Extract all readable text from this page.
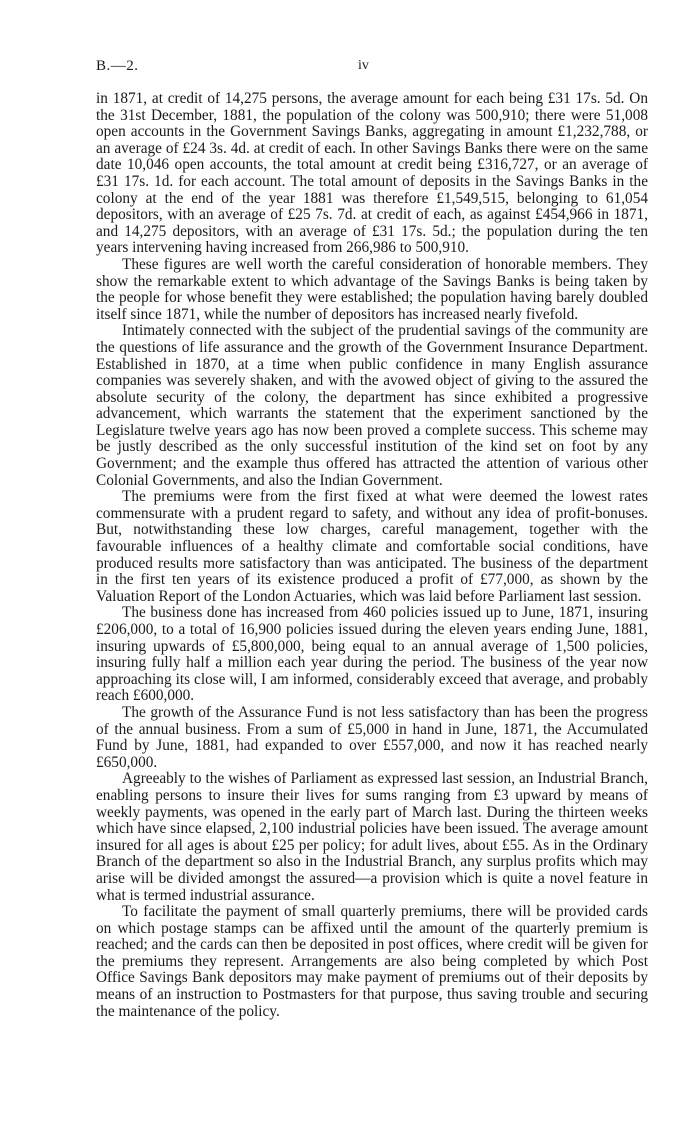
B.—2.	iv

in 1871, at credit of 14,275 persons, the average amount for each being £31 17s. 5d. On the 31st December, 1881, the population of the colony was 500,910; there were 51,008 open accounts in the Government Savings Banks, aggregating in amount £1,232,788, or an average of £24 3s. 4d. at credit of each. In other Savings Banks there were on the same date 10,046 open accounts, the total amount at credit being £316,727, or an average of £31 17s. 1d. for each account. The total amount of deposits in the Savings Banks in the colony at the end of the year 1881 was therefore £1,549,515, belonging to 61,054 depositors, with an average of £25 7s. 7d. at credit of each, as against £454,966 in 1871, and 14,275 depositors, with an average of £31 17s. 5d.; the population during the ten years intervening having increased from 266,986 to 500,910.

These figures are well worth the careful consideration of honorable members. They show the remarkable extent to which advantage of the Savings Banks is being taken by the people for whose benefit they were established; the population having barely doubled itself since 1871, while the number of depositors has increased nearly fivefold.

Intimately connected with the subject of the prudential savings of the community are the questions of life assurance and the growth of the Government Insurance Department. Established in 1870, at a time when public confidence in many English assurance companies was severely shaken, and with the avowed object of giving to the assured the absolute security of the colony, the department has since exhibited a progressive advancement, which warrants the statement that the experiment sanctioned by the Legislature twelve years ago has now been proved a complete success. This scheme may be justly described as the only successful institution of the kind set on foot by any Government; and the example thus offered has attracted the attention of various other Colonial Governments, and also the Indian Government.

The premiums were from the first fixed at what were deemed the lowest rates commensurate with a prudent regard to safety, and without any idea of profit-bonuses. But, notwithstanding these low charges, careful management, together with the favourable influences of a healthy climate and comfortable social conditions, have produced results more satisfactory than was anticipated. The business of the department in the first ten years of its existence produced a profit of £77,000, as shown by the Valuation Report of the London Actuaries, which was laid before Parliament last session.

The business done has increased from 460 policies issued up to June, 1871, insuring £206,000, to a total of 16,900 policies issued during the eleven years ending June, 1881, insuring upwards of £5,800,000, being equal to an annual average of 1,500 policies, insuring fully half a million each year during the period. The business of the year now approaching its close will, I am informed, considerably exceed that average, and probably reach £600,000.

The growth of the Assurance Fund is not less satisfactory than has been the progress of the annual business. From a sum of £5,000 in hand in June, 1871, the Accumulated Fund by June, 1881, had expanded to over £557,000, and now it has reached nearly £650,000.

Agreeably to the wishes of Parliament as expressed last session, an Industrial Branch, enabling persons to insure their lives for sums ranging from £3 upward by means of weekly payments, was opened in the early part of March last. During the thirteen weeks which have since elapsed, 2,100 industrial policies have been issued. The average amount insured for all ages is about £25 per policy; for adult lives, about £55. As in the Ordinary Branch of the department so also in the Industrial Branch, any surplus profits which may arise will be divided amongst the assured—a provision which is quite a novel feature in what is termed industrial assurance.

To facilitate the payment of small quarterly premiums, there will be provided cards on which postage stamps can be affixed until the amount of the quarterly premium is reached; and the cards can then be deposited in post offices, where credit will be given for the premiums they represent. Arrangements are also being completed by which Post Office Savings Bank depositors may make payment of premiums out of their deposits by means of an instruction to Postmasters for that purpose, thus saving trouble and securing the maintenance of the policy.
